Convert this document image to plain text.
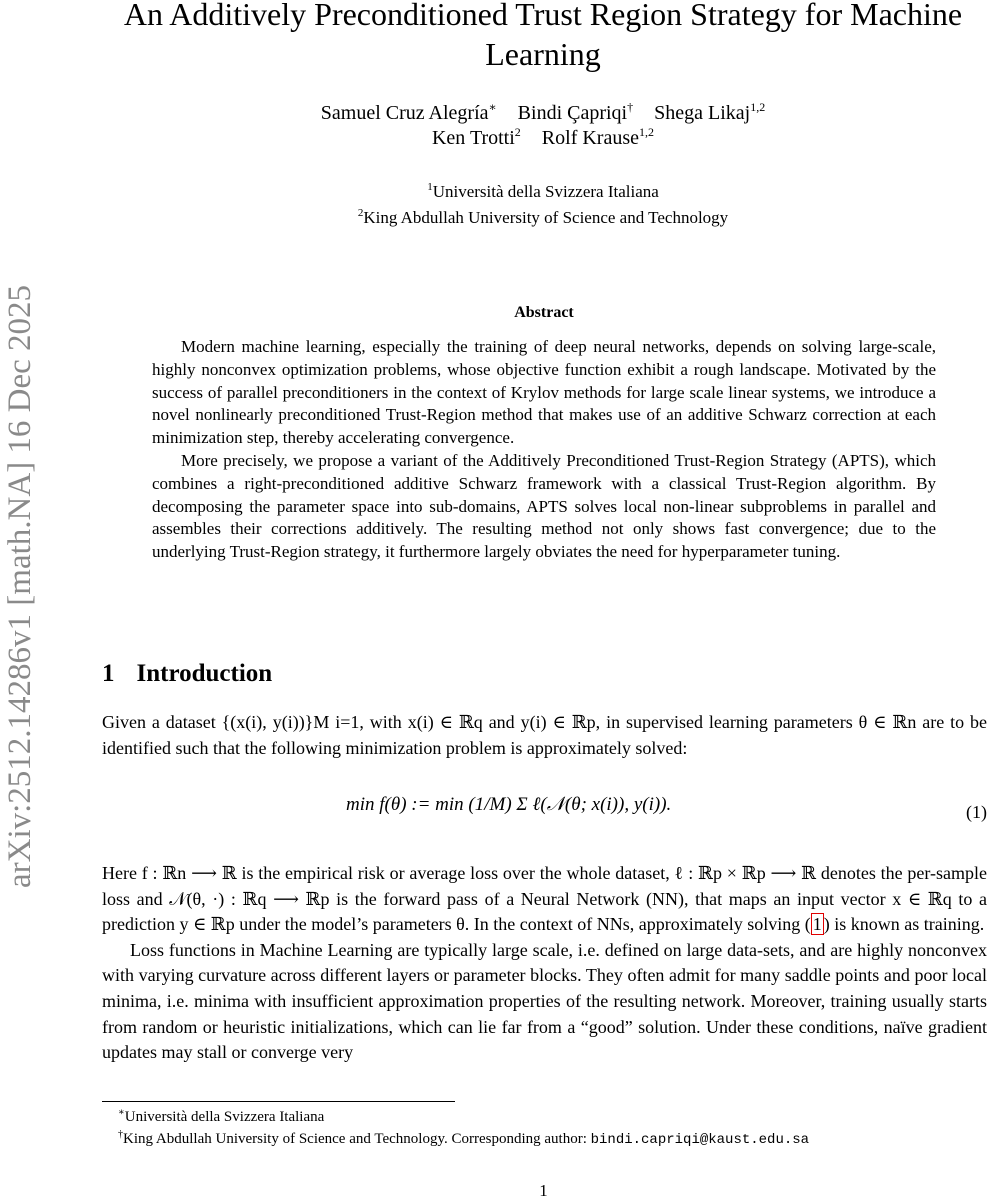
arXiv:2512.14286v1 [math.NA] 16 Dec 2025
An Additively Preconditioned Trust Region Strategy for Machine Learning
Samuel Cruz Alegría∗ Bindi Çapriqi† Shega Likaj$^{1,2}$
Ken Trotti$^2$ Rolf Krause$^{1,2}$
$^1$Università della Svizzera Italiana
$^2$King Abdullah University of Science and Technology
Abstract

Modern machine learning, especially the training of deep neural networks, depends on solving large-scale, highly nonconvex optimization problems, whose objective function exhibit a rough landscape. Motivated by the success of parallel preconditioners in the context of Krylov methods for large scale linear systems, we introduce a novel nonlinearly preconditioned Trust-Region method that makes use of an additive Schwarz correction at each minimization step, thereby accelerating convergence.

More precisely, we propose a variant of the Additively Preconditioned Trust-Region Strategy (APTS), which combines a right-preconditioned additive Schwarz framework with a classical Trust-Region algorithm. By decomposing the parameter space into sub-domains, APTS solves local non-linear subproblems in parallel and assembles their corrections additively. The resulting method not only shows fast convergence; due to the underlying Trust-Region strategy, it furthermore largely obviates the need for hyperparameter tuning.

1 Introduction

Given a dataset {(x(i), y(i))}M i=1, with x(i) ∈ ℝq and y(i) ∈ ℝp, in supervised learning parameters θ ∈ ℝn are to be identified such that the following minimization problem is approximately solved:

min f(θ) := min (1/M) Σ ℓ(𝒩(θ; x(i)), y(i)).	(1)

Here f : ℝn ⟶ ℝ is the empirical risk or average loss over the whole dataset, ℓ : ℝp × ℝp ⟶ ℝ denotes the per-sample loss and 𝒩(θ, ·) : ℝq ⟶ ℝp is the forward pass of a Neural Network (NN), that maps an input vector x ∈ ℝq to a prediction y ∈ ℝp under the model’s parameters θ. In the context of NNs, approximately solving ( 1 ) is known as training.

Loss functions in Machine Learning are typically large scale, i.e. defined on large data-sets, and are highly nonconvex with varying curvature across different layers or parameter blocks. They often admit for many saddle points and poor local minima, i.e. minima with insufficient approximation properties of the resulting network. Moreover, training usually starts from random or heuristic initializations, which can lie far from a “good” solution. Under these conditions, naïve gradient updates may stall or converge very

∗Università della Svizzera Italiana
†King Abdullah University of Science and Technology. Corresponding author: bindi.capriqi@kaust.edu.sa
1
